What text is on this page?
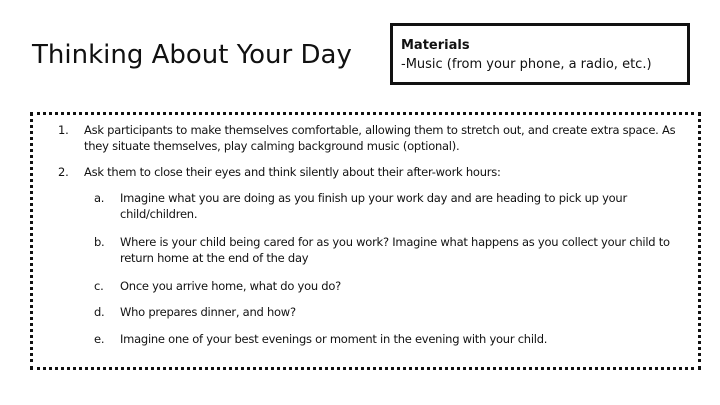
Thinking About Your Day	Materials
-Music (from your phone, a radio, etc.)
1. Ask participants to make themselves comfortable, allowing them to stretch out, and create extra space. As they situate themselves, play calming background music (optional).
2. Ask them to close their eyes and think silently about their after-work hours:
a. Imagine what you are doing as you finish up your work day and are heading to pick up your child/children.
b. Where is your child being cared for as you work? Imagine what happens as you collect your child to return home at the end of the day
c. Once you arrive home, what do you do?
d. Who prepares dinner, and how?
e. Imagine one of your best evenings or moment in the evening with your child.
